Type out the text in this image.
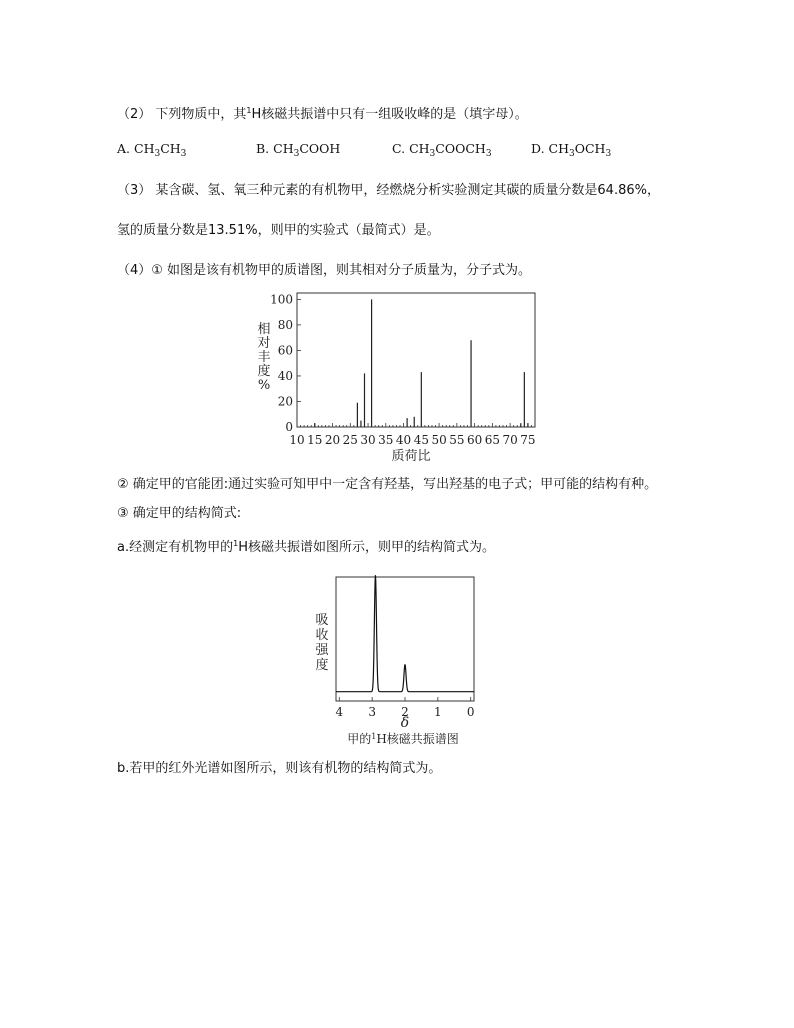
（2） 下列物质中，其$^1$H核磁共振谱中只有一组吸收峰的是（填字母）。
A. $CH_3CH_3$	B. $CH_3COOH$	C. $CH_3COOCH_3$	D. $CH_3OCH_3$
（3） 某含碳、氢、氧三种元素的有机物甲，经燃烧分析实验测定其碳的质量分数是64.86%，
氢的质量分数是13.51%，则甲的实验式（最简式）是。
（4）① 如图是该有机物甲的质谱图，则其相对分子质量为，分子式为。
② 确定甲的官能团:通过实验可知甲中一定含有羟基，写出羟基的电子式；甲可能的结构有种。
③ 确定甲的结构简式:
a.经测定有机物甲的$^1$H核磁共振谱如图所示，则甲的结构简式为。
b.若甲的红外光谱如图所示，则该有机物的结构简式为。
10 15 20 25 30 35 40 45 50 55 60 65 70 75
0
20
40
60
80
100
质荷比
相
对
丰
度
%
4 3 2 1 0
δ
吸
收
强
度
甲的$^1$H核磁共振谱图
